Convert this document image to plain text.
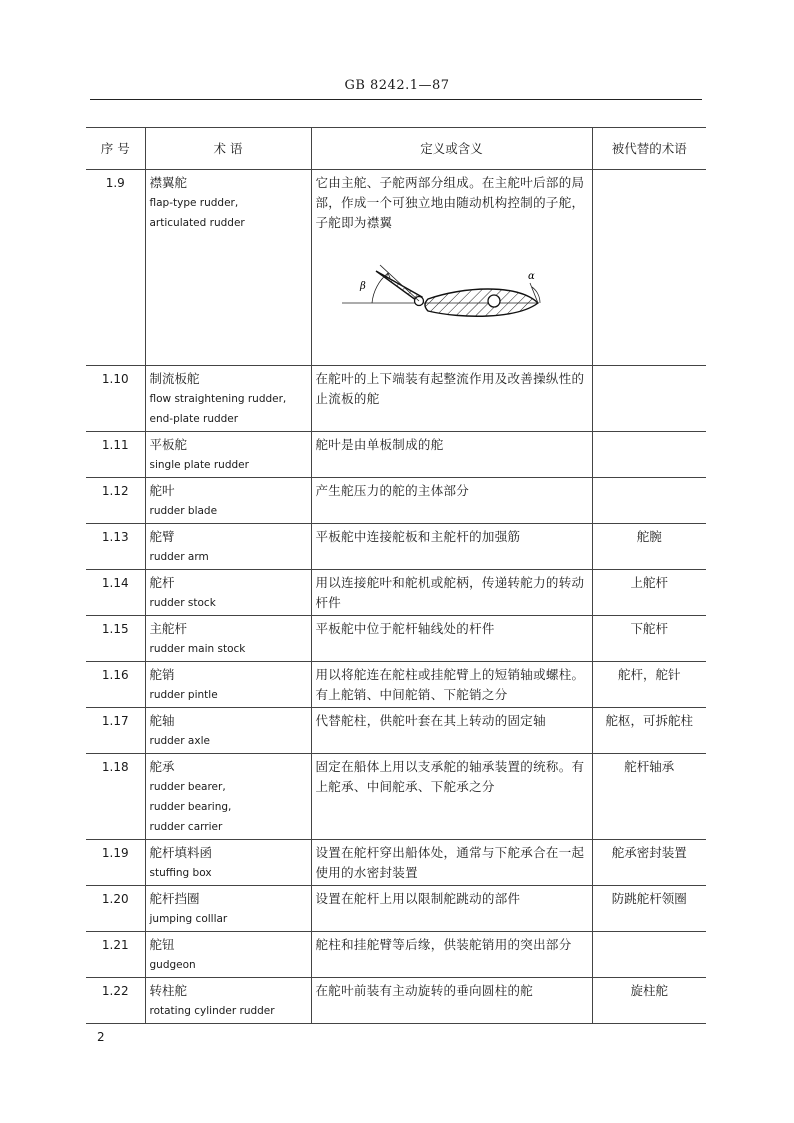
GB 8242.1—87
序 号	术 语	定义或含义	被代替的术语
1.9	襟翼舵
flap-type rudder,
articulated rudder	它由主舵、子舵两部分组成。在主舵叶后部的局部，作成一个可独立地由随动机构控制的子舵，子舵即为襟翼
β
α	

1.10	制流板舵
flow straightening rudder,
end-plate rudder	在舵叶的上下端装有起整流作用及改善操纵性的止流板的舵	

1.11	平板舵
single plate rudder	舵叶是由单板制成的舵	

1.12	舵叶
rudder blade	产生舵压力的舵的主体部分	

1.13	舵臂
rudder arm	平板舵中连接舵板和主舵杆的加强筋	舵腕

1.14	舵杆
rudder stock	用以连接舵叶和舵机或舵柄，传递转舵力的转动杆件	上舵杆

1.15	主舵杆
rudder main stock	平板舵中位于舵杆轴线处的杆件	下舵杆

1.16	舵销
rudder pintle	用以将舵连在舵柱或挂舵臂上的短销轴或螺柱。有上舵销、中间舵销、下舵销之分	舵杆，舵针

1.17	舵轴
rudder axle	代替舵柱，供舵叶套在其上转动的固定轴	舵枢，可拆舵柱

1.18	舵承
rudder bearer,
rudder bearing,
rudder carrier	固定在船体上用以支承舵的轴承装置的统称。有上舵承、中间舵承、下舵承之分	舵杆轴承

1.19	舵杆填料函
stuffing box	设置在舵杆穿出船体处，通常与下舵承合在一起使用的水密封装置	舵承密封装置

1.20	舵杆挡圈
jumping colllar	设置在舵杆上用以限制舵跳动的部件	防跳舵杆领圈

1.21	舵钮
gudgeon	舵柱和挂舵臂等后缘，供装舵销用的突出部分	

1.22	转柱舵
rotating cylinder rudder	在舵叶前装有主动旋转的垂向圆柱的舵	旋柱舵
2
